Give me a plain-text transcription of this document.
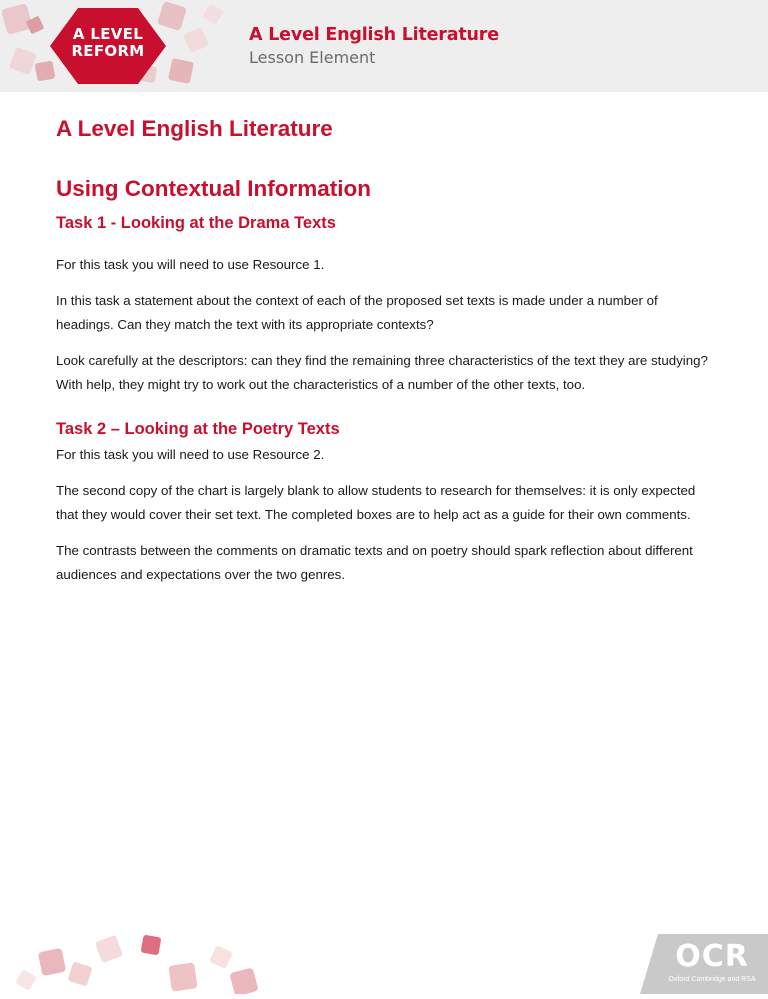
A LEVEL
REFORM
A Level English Literature
Lesson Element
A Level English Literature
Using Contextual Information
Task 1 - Looking at the Drama Texts

For this task you will need to use Resource 1.

In this task a statement about the context of each of the proposed set texts is made under a number of headings. Can they match the text with its appropriate contexts?

Look carefully at the descriptors: can they find the remaining three characteristics of the text they are studying? With help, they might try to work out the characteristics of a number of the other texts, too.

Task 2 – Looking at the Poetry Texts

For this task you will need to use Resource 2.

The second copy of the chart is largely blank to allow students to research for themselves: it is only expected that they would cover their set text. The completed boxes are to help act as a guide for their own comments.

The contrasts between the comments on dramatic texts and on poetry should spark reflection about different audiences and expectations over the two genres.

OCR
Oxford Cambridge and RSA
